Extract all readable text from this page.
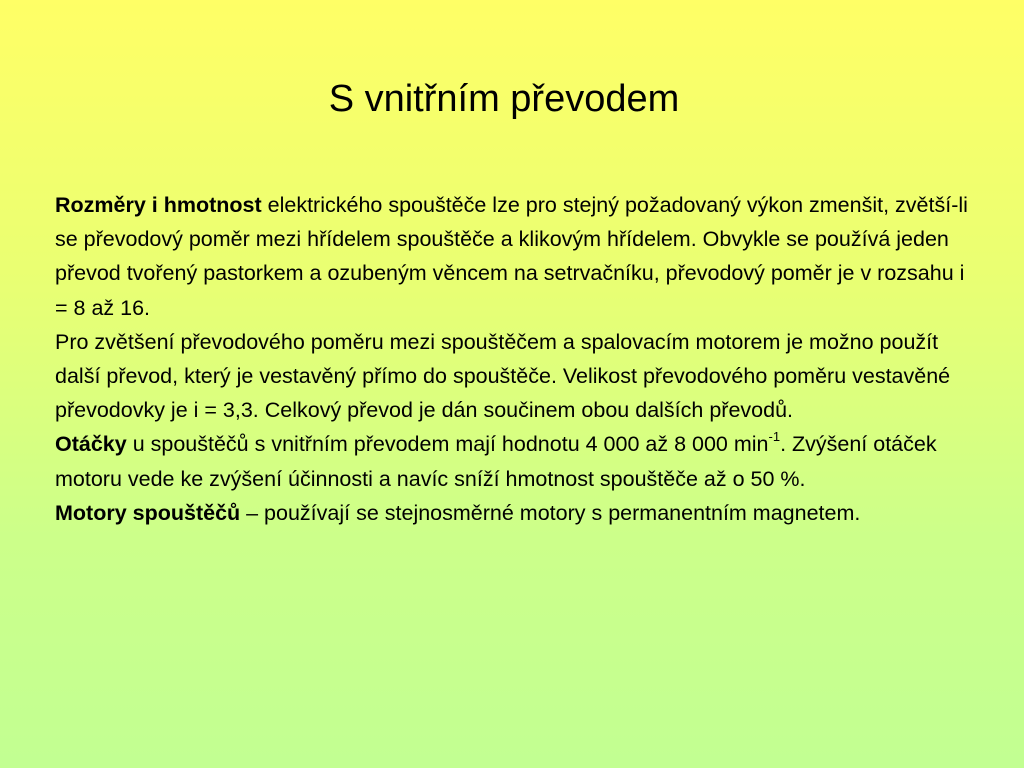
S vnitřním převodem

Rozměry i hmotnost elektrického spouštěče lze pro stejný požadovaný výkon zmenšit, zvětší-li se převodový poměr mezi hřídelem spouštěče a klikovým hřídelem. Obvykle se používá jeden převod tvořený pastorkem a ozubeným věncem na setrvačníku, převodový poměr je v rozsahu i = 8 až 16.

Pro zvětšení převodového poměru mezi spouštěčem a spalovacím motorem je možno použít další převod, který je vestavěný přímo do spouštěče. Velikost převodového poměru vestavěné převodovky je i = 3,3. Celkový převod je dán součinem obou dalších převodů.

Otáčky u spouštěčů s vnitřním převodem mají hodnotu 4 000 až 8 000 $\min^{-1}$. Zvýšení otáček motoru vede ke zvýšení účinnosti a navíc sníží hmotnost spouštěče až o 50 %.

Motory spouštěčů – používají se stejnosměrné motory s permanentním magnetem.
